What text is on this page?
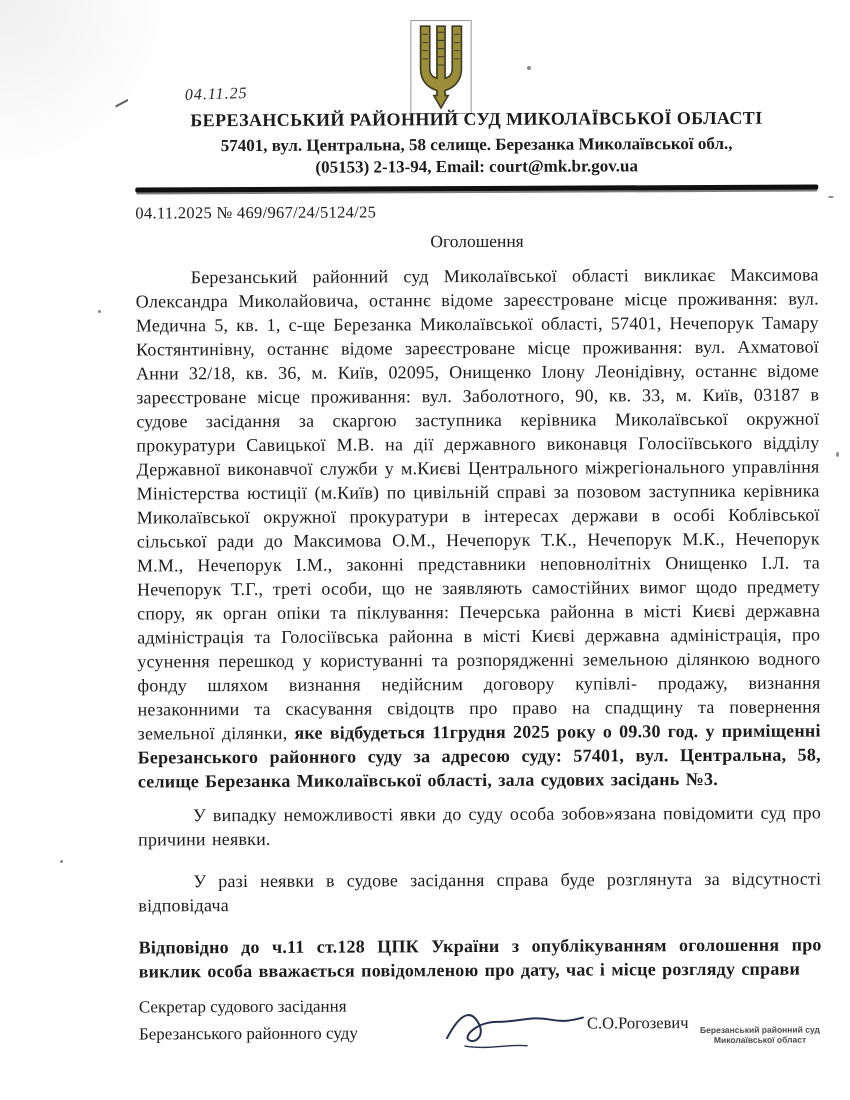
04.11.25
БЕРЕЗАНСЬКИЙ РАЙОННИЙ СУД МИКОЛАЇВСЬКОЇ ОБЛАСТІ
57401, вул. Центральна, 58 селище. Березанка Миколаївської обл.,
(05153) 2-13-94, Email: court@mk.br.gov.ua
04.11.2025 № 469/967/24/5124/25
Оголошення

Березанський районний суд Миколаївської області викликає Максимова Олександра Миколайовича, останнє відоме зареєстроване місце проживання: вул. Медична 5, кв. 1, с-ще Березанка Миколаївської області, 57401, Нечепорук Тамару Костянтинівну, останнє відоме зареєстроване місце проживання: вул. Ахматової Анни 32/18, кв. 36, м. Київ, 02095, Онищенко Ілону Леонідівну, останнє відоме зареєстроване місце проживання: вул. Заболотного, 90, кв. 33, м. Київ, 03187 в судове засідання за скаргою заступника керівника Миколаївської окружної прокуратури Савицької М.В. на дії державного виконавця Голосіївського відділу Державної виконавчої служби у м.Києві Центрального міжрегіонального управління Міністерства юстиції (м.Київ) по цивільній справі за позовом заступника керівника Миколаївської окружної прокуратури в інтересах держави в особі Коблівської сільської ради до Максимова О.М., Нечепорук Т.К., Нечепорук М.К., Нечепорук М.М., Нечепорук І.М., законні представники неповнолітніх Онищенко І.Л. та Нечепорук Т.Г., треті особи, що не заявляють самостійних вимог щодо предмету спору, як орган опіки та піклування: Печерська районна в місті Києві державна адміністрація та Голосіївська районна в місті Києві державна адміністрація, про усунення перешкод у користуванні та розпорядженні земельною ділянкою водного фонду шляхом визнання недійсним договору купівлі- продажу, визнання незаконними та скасування свідоцтв про право на спадщину та повернення земельної ділянки, яке відбудеться 11грудня 2025 року о 09.30 год. у приміщенні Березанського районного суду за адресою суду: 57401, вул. Центральна, 58, селище Березанка Миколаївської області, зала судових засідань №3.

У випадку неможливості явки до суду особа зобов»язана повідомити суд про причини неявки.

У разі неявки в судове засідання справа буде розглянута за відсутності відповідача

Відповідно до ч.11 ст.128 ЦПК України з опублікуванням оголошення про виклик особа вважається повідомленою про дату, час і місце розгляду справи

Секретар судового засідання
Березанського районного суду
С.О.Рогозевич	Березанський районний суд
Миколаївської област
